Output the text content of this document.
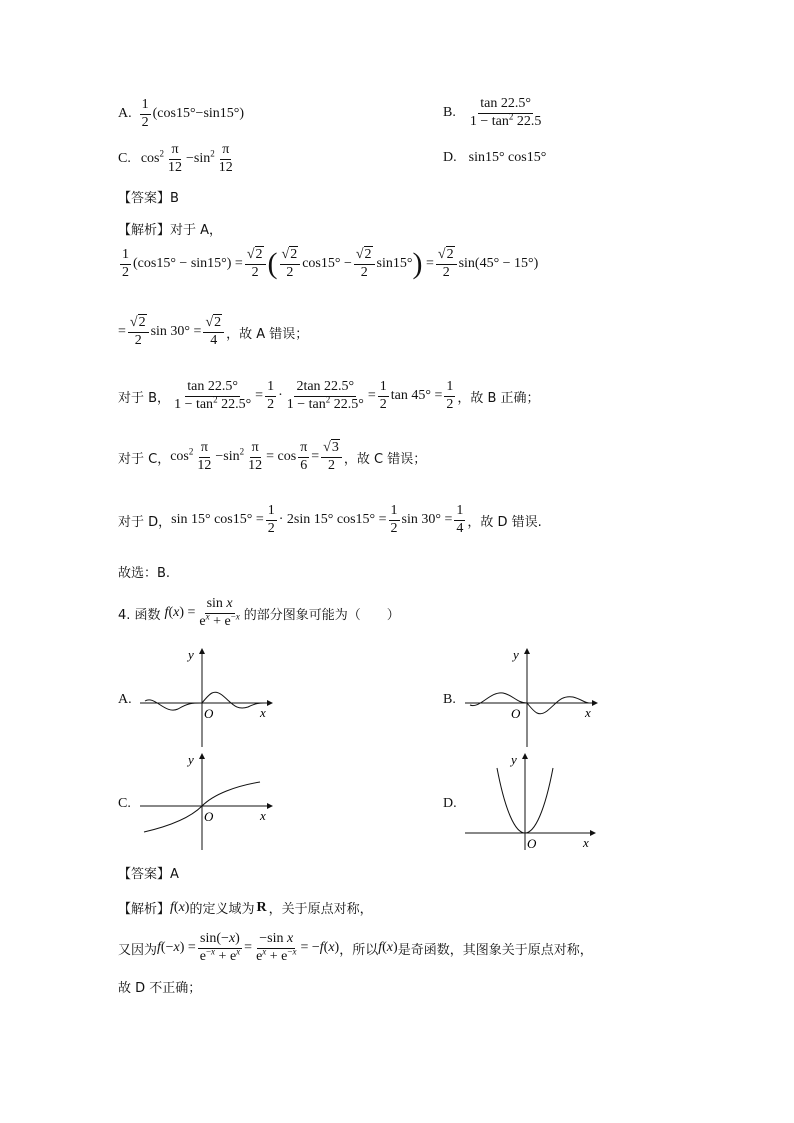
A. $\frac{1}{2} (\cos 15^\circ-\sin 15^\circ)$	B. $\frac{\tan 22.5^\circ}{1 - \tan^2 22.5}$
C. $\cos^2 \frac{\pi}{12} -\sin^2 \frac{\pi}{12}$	D. sin15° cos15°
【答案】B
【解析】对于 A，
$\frac{1}{2} (\cos 15^\circ - \sin 15^\circ) = \frac{√2}{2}$ ( $\frac{√2}{2} \cos 15^\circ - \frac{√2}{2} \sin 15^\circ$ ) = $\frac{√2}{2} \sin(45^\circ - 15^\circ)$
= $\frac{√2}{2}$ $\sin 30^\circ = \frac{√2}{4}$ ，故 A 错误；
对于 B， $\frac{\tan 22.5^\circ}{1 - \tan^2 22.5^\circ} = \frac{1}{2} \cdot \frac{2\tan 22.5^\circ}{1 - \tan^2 22.5^\circ} = \frac{1}{2}$ $\tan 45^\circ = \frac{1}{2}$ ，故 B 正确；
对于 C， $\cos^2 \frac{\pi}{12} -\sin^2 \frac{\pi}{12} = \cos \frac{\pi}{6} = \frac{√3}{2}$ ，故 C 错误；
对于 D， sin 15° $\cos 15^\circ = \frac{1}{2} \cdot 2\sin$ 15° $\cos 15^\circ = \frac{1}{2}$ $\sin 30^\circ = \frac{1}{4}$ ，故 D 错误.
故选：B.
4. 函数 $f(x) = \frac{\text{sin x}}{e^x + e^{-x}}$ 的部分图象可能为（　　）
A.	B.
C.	D.
y
x
O
y
x
O
y
x
O
y
x
O
【答案】A
【解析】 f(x) 的定义域为 R ，关于原点对称，
又因为 $f(-x) = \frac{\sin(-x)}{e^{-x} + e^x} = \frac{\text{−sin x}}{e^x + e^{-x}} = -f(x)$ ，所以 f(x) 是奇函数，其图象关于原点对称，
故 D 不正确；
